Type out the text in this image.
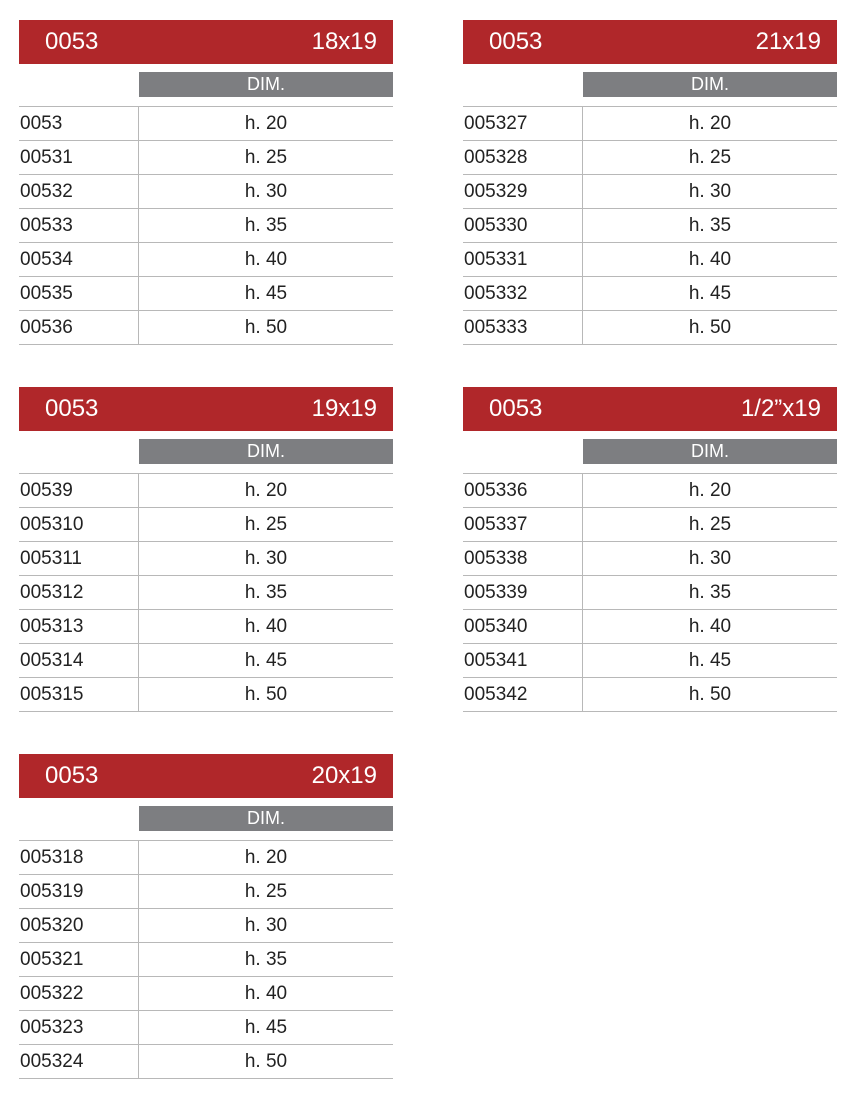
0053	18x19
DIM.
0053	h. 20
00531	h. 25
00532	h. 30
00533	h. 35
00534	h. 40
00535	h. 45
00536	h. 50
0053	21x19
DIM.
005327	h. 20
005328	h. 25
005329	h. 30
005330	h. 35
005331	h. 40
005332	h. 45
005333	h. 50
0053	19x19
DIM.
00539	h. 20
005310	h. 25
005311	h. 30
005312	h. 35
005313	h. 40
005314	h. 45
005315	h. 50
0053	1/2”x19
DIM.
005336	h. 20
005337	h. 25
005338	h. 30
005339	h. 35
005340	h. 40
005341	h. 45
005342	h. 50
0053	20x19
DIM.
005318	h. 20
005319	h. 25
005320	h. 30
005321	h. 35
005322	h. 40
005323	h. 45
005324	h. 50
